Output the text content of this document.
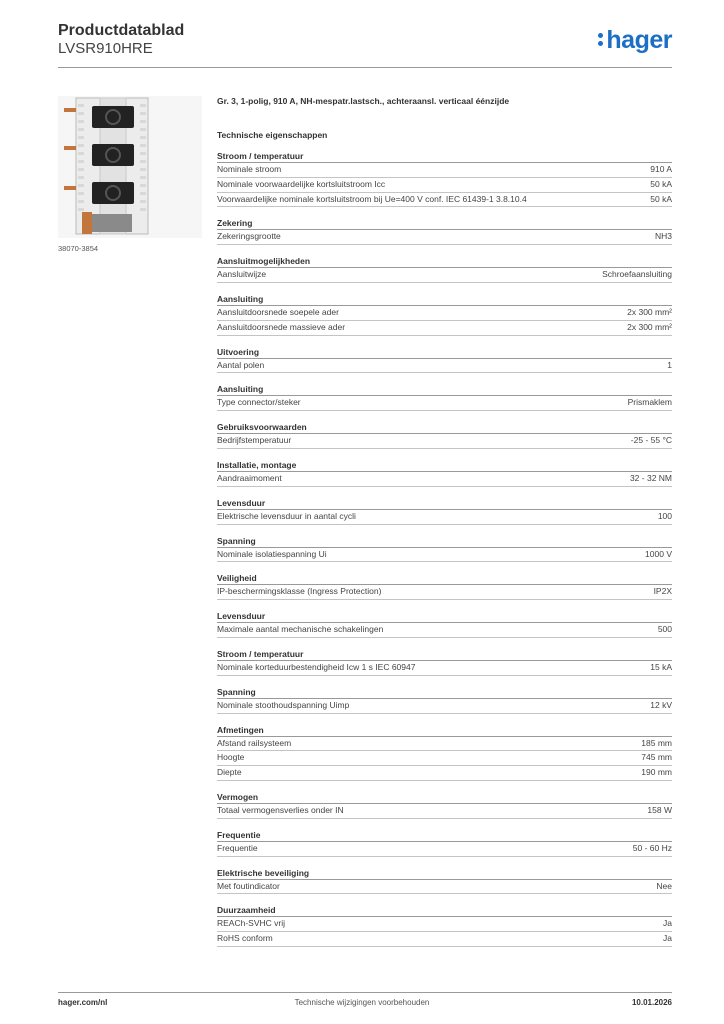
Productdatablad
LVSR910HRE	hager
38070-3854
Gr. 3, 1-polig, 910 A, NH-mespatr.lastsch., achteraansl. verticaal éénzijde
Technische eigenschappen
Stroom / temperatuur
Nominale stroom	910 A
Nominale voorwaardelijke kortsluitstroom Icc	50 kA
Voorwaardelijke nominale kortsluitstroom bij Ue=400 V conf. IEC 61439-1 3.8.10.4	50 kA
Zekering
Zekeringsgrootte	NH3
Aansluitmogelijkheden
Aansluitwijze	Schroefaansluiting
Aansluiting
Aansluitdoorsnede soepele ader	2x 300 mm²
Aansluitdoorsnede massieve ader	2x 300 mm²
Uitvoering
Aantal polen	1
Aansluiting
Type connector/steker	Prismaklem
Gebruiksvoorwaarden
Bedrijfstemperatuur	-25 - 55 °C
Installatie, montage
Aandraaimoment	32 - 32 NM
Levensduur
Elektrische levensduur in aantal cycli	100
Spanning
Nominale isolatiespanning Ui	1000 V
Veiligheid
IP-beschermingsklasse (Ingress Protection)	IP2X
Levensduur
Maximale aantal mechanische schakelingen	500
Stroom / temperatuur
Nominale korteduurbestendigheid Icw 1 s IEC 60947	15 kA
Spanning
Nominale stoothoudspanning Uimp	12 kV
Afmetingen
Afstand railsysteem	185 mm
Hoogte	745 mm
Diepte	190 mm
Vermogen
Totaal vermogensverlies onder IN	158 W
Frequentie
Frequentie	50 - 60 Hz
Elektrische beveiliging
Met foutindicator	Nee
Duurzaamheid
REACh-SVHC vrij	Ja
RoHS conform	Ja
hager.com/nl	Technische wijzigingen voorbehouden	10.01.2026
